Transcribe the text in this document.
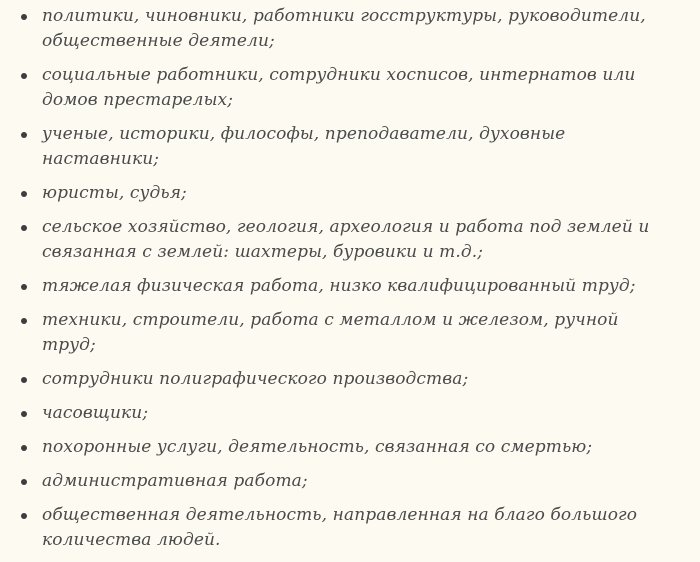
политики, чиновники, работники госструктуры, руководители, общественные деятели;
социальные работники, сотрудники хосписов, интернатов или домов престарелых;
ученые, историки, философы, преподаватели, духовные наставники;
юристы, судья;
сельское хозяйство, геология, археология и работа под землей и связанная с землей: шахтеры, буровики и т.д.;
тяжелая физическая работа, низко квалифицированный труд;
техники, строители, работа с металлом и железом, ручной труд;
сотрудники полиграфического производства;
часовщики;
похоронные услуги, деятельность, связанная со смертью;
административная работа;
общественная деятельность, направленная на благо большого количества людей.
